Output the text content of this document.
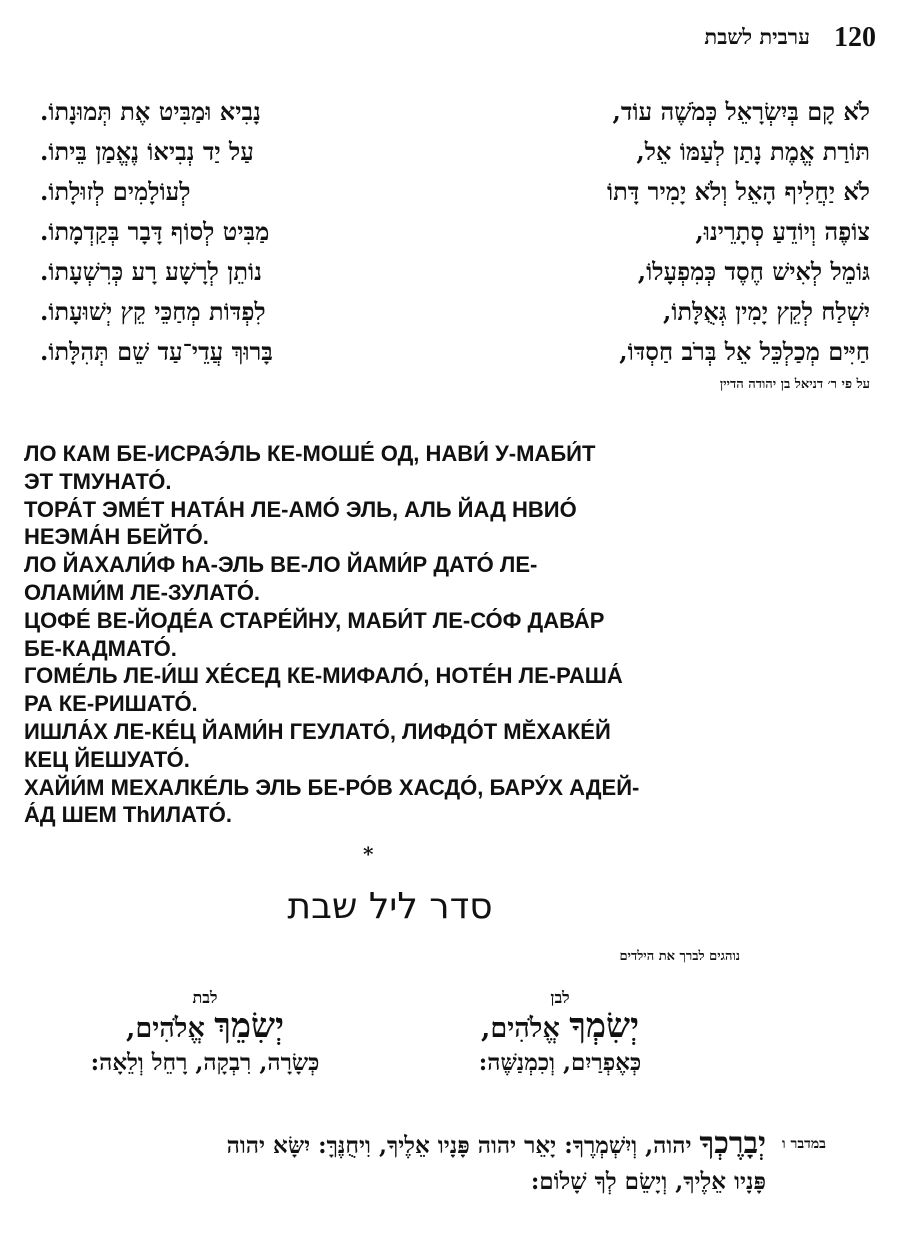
120
ערבית לשבת
לֹא קָם בְּיִשְׂרָאֵל כְּמֹשֶׁה עוֹד,
נָבִיא וּמַבִּיט אֶת תְּמוּנָתוֹ.
תּוֹרַת אֱמֶת נָתַן לְעַמּוֹ אֵל,
עַל יַד נְבִיאוֹ נֶאֱמַן בֵּיתוֹ.
לֹא יַחֲלִיף הָאֵל וְלֹא יָמִיר דָּתוֹ
לְעוֹלָמִים לְזוּלָתוֹ.
צוֹפֶה וְיוֹדֵעַ סְתָרֵינוּ,
מַבִּיט לְסוֹף דָּבָר בְּקַדְמָתוֹ.
גּוֹמֵל לְאִישׁ חֶסֶד כְּמִפְעָלוֹ,
נוֹתֵן לְרָשָׁע רָע כְּרִשְׁעָתוֹ.
יִשְׁלַח לְקֵץ יָמִין גְּאֻלָּתוֹ,
לִפְדּוֹת מְחַכֵּי קֵץ יְשׁוּעָתוֹ.
חַיִּים מְכַלְכֵּל אֵל בְּרֹב חַסְדּוֹ,
בָּרוּךְ עֲדֵי־עַד שֵׁם תְּהִלָּתוֹ.
על פי ר׳ דניאל בן יהודה הדיין
ЛО КАМ БЕ-ИСРАЭ́ЛЬ КЕ-МОШЕ́ ОД, НАВИ́ У-МАБИ́Т
ЭТ ТМУНАТО́.
ТОРА́Т ЭМЕ́Т НАТА́Н ЛЕ-АМО́ ЭЛЬ, АЛЬ ЙАД НВИО́
НЕЭМА́Н БЕЙТО́.
ЛО ЙАХАЛИ́Ф hА-ЭЛЬ ВЕ-ЛО ЙАМИ́Р ДАТО́ ЛЕ-
ОЛАМИ́М ЛЕ-ЗУЛАТО́.
ЦОФЕ́ ВЕ-ЙОДЕ́А СТАРЕ́ЙНУ, МАБИ́Т ЛЕ-СО́Ф ДАВА́Р
БЕ-КАДМАТО́.
ГОМЕ́ЛЬ ЛЕ-И́Ш ХЕ́СЕД КЕ-МИФАЛО́, НОТЕ́Н ЛЕ-РАША́
РА КЕ-РИШАТО́.
ИШЛА́Х ЛЕ-КЕ́Ц ЙАМИ́Н ГЕУЛАТО́, ЛИФДО́Т МӖХАКЕ́Й
КЕЦ ЙЕШУАТО́.
ХАЙИ́М МЕХАЛКЕ́ЛЬ ЭЛЬ БЕ-РО́В ХАСДО́, БАРУ́Х АДЕЙ-
А́Д ШЕМ ТhИЛАТО́.
*
סדר ליל שבת
נוהגים לברך את הילדים
לבן
יְשִׂמְךָ אֱלֹהִים,
כְּאֶפְרַיִם, וְכִמְנַשֶּׁה:
לבת
יְשִׂמֵךְ אֱלֹהִים,
כְּשָׂרָה, רִבְקָה, רָחֵל וְלֵאָה:
במדבר ו
יְבָרֶכְךָ יהוה, וְיִשְׁמְרֶךָ: יָאֵר יהוה פָּנָיו אֵלֶיךָ, וִיחֻנֶּךָּ: יִשָּׂא יהוה
פָּנָיו אֵלֶיךָ, וְיָשֵׂם לְךָ שָׁלוֹם:
